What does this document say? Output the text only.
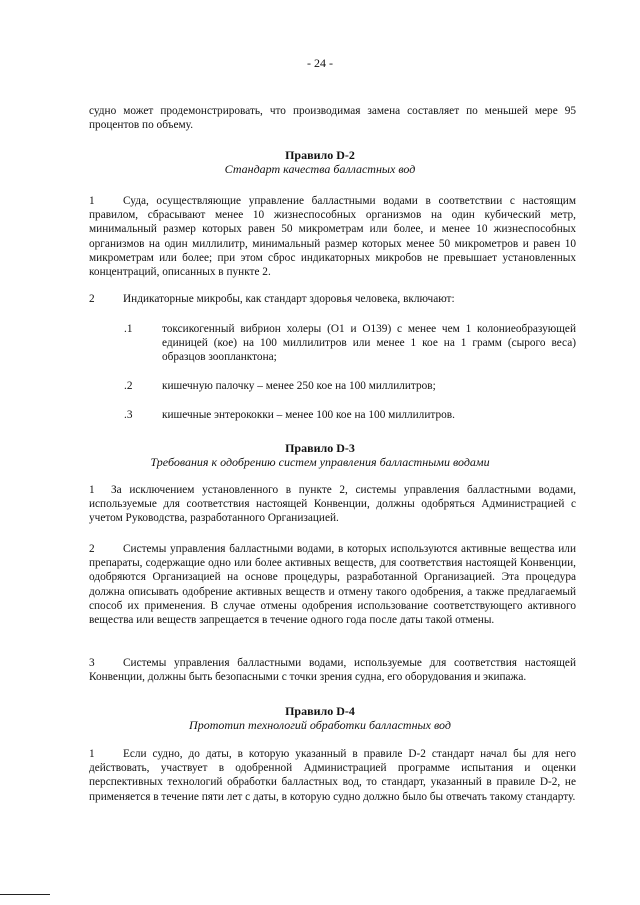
- 24 -

судно может продемонстрировать, что производимая замена составляет по меньшей мере 95 процентов по объему.

Правило D-2
Стандарт качества балластных вод

1	Суда, осуществляющие управление балластными водами в соответствии с настоящим правилом, сбрасывают менее 10 жизнеспособных организмов на один кубический метр, минимальный размер которых равен 50 микрометрам или более, и менее 10 жизнеспособных организмов на один миллилитр, минимальный размер которых менее 50 микрометров и равен 10 микрометрам или более; при этом сброс индикаторных микробов не превышает установленных концентраций, описанных в пункте 2.

2	Индикаторные микробы, как стандарт здоровья человека, включают:

.1	токсикогенный вибрион холеры (O1 и O139) с менее чем 1 колониеобразующей единицей (кое) на 100 миллилитров или менее 1 кое на 1 грамм (сырого веса) образцов зоопланктона;
.2	кишечную палочку – менее 250 кое на 100 миллилитров;
.3	кишечные энтерококки – менее 100 кое на 100 миллилитров.
Правило D-3
Требования к одобрению систем управления балластными водами

1 За исключением установленного в пункте 2, системы управления балластными водами, используемые для соответствия настоящей Конвенции, должны одобряться Администрацией с учетом Руководства, разработанного Организацией.

2	Системы управления балластными водами, в которых используются активные вещества или препараты, содержащие одно или более активных веществ, для соответствия настоящей Конвенции, одобряются Организацией на основе процедуры, разработанной Организацией. Эта процедура должна описывать одобрение активных веществ и отмену такого одобрения, а также предлагаемый способ их применения. В случае отмены одобрения использование соответствующего активного вещества или веществ запрещается в течение одного года после даты такой отмены.

3	Системы управления балластными водами, используемые для соответствия настоящей Конвенции, должны быть безопасными с точки зрения судна, его оборудования и экипажа.

Правило D-4
Прототип технологий обработки балластных вод

1	Если судно, до даты, в которую указанный в правиле D-2 стандарт начал бы для него действовать, участвует в одобренной Администрацией программе испытания и оценки перспективных технологий обработки балластных вод, то стандарт, указанный в правиле D-2, не применяется в течение пяти лет с даты, в которую судно должно было бы отвечать такому стандарту.
